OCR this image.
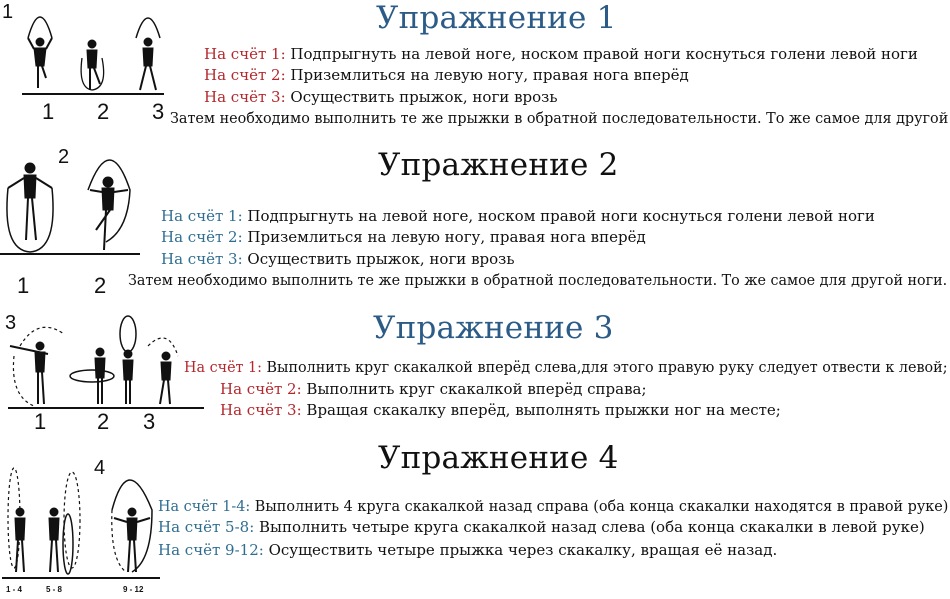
1
1 2 3
Упражнение 1
На счёт 1: Подпрыгнуть на левой ноге, носком правой ноги коснуться голени левой ноги
На счёт 2: Приземлиться на левую ногу, правая нога вперёд
На счёт 3: Осуществить прыжок, ноги врозь
Затем необходимо выполнить те же прыжки в обратной последовательности. То же самое для другой
2
1	2
Упражнение 2
На счёт 1: Подпрыгнуть на левой ноге, носком правой ноги коснуться голени левой ноги
На счёт 2: Приземлиться на левую ногу, правая нога вперёд
На счёт 3: Осуществить прыжок, ноги врозь
Затем необходимо выполнить те же прыжки в обратной последовательности. То же самое для другой ноги.
3
1 2 3
Упражнение 3
На счёт 1: Выполнить круг скакалкой вперёд слева,для этого правую руку следует отвести к левой;
На счёт 2: Выполнить круг скакалкой вперёд справа;
На счёт 3: Вращая скакалку вперёд, выполнять прыжки ног на месте;
4
1 - 4	5 - 8	9 - 12
Упражнение 4
На счёт 1-4: Выполнить 4 круга скакалкой назад справа (оба конца скакалки находятся в правой руке)
На счёт 5-8: Выполнить четыре круга скакалкой назад слева (оба конца скакалки в левой руке)
На счёт 9-12: Осуществить четыре прыжка через скакалку, вращая её назад.
